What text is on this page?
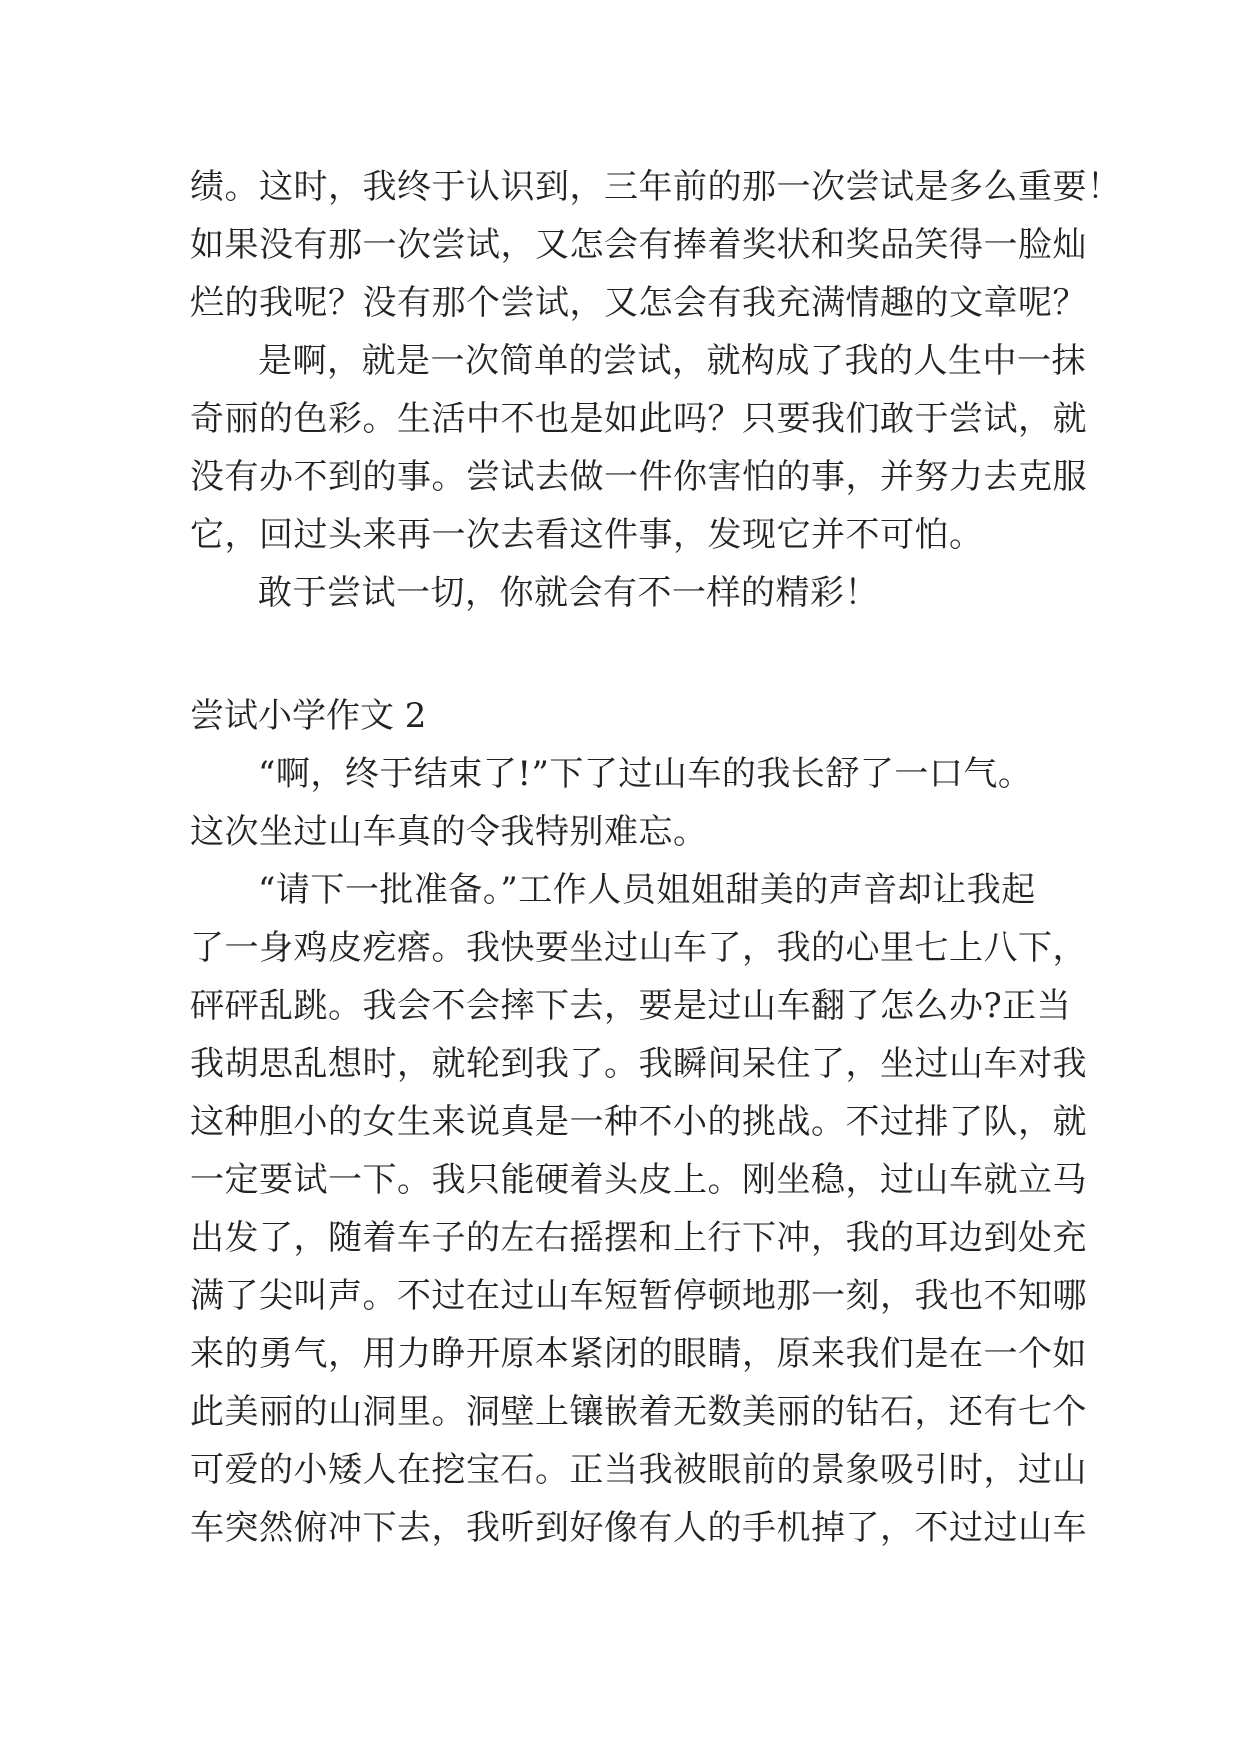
绩。这时，我终于认识到，三年前的那一次尝试是多么重要！
如果没有那一次尝试，又怎会有捧着奖状和奖品笑得一脸灿
烂的我呢？没有那个尝试，又怎会有我充满情趣的文章呢？
是啊，就是一次简单的尝试，就构成了我的人生中一抹
奇丽的色彩。生活中不也是如此吗？只要我们敢于尝试，就
没有办不到的事。尝试去做一件你害怕的事，并努力去克服
它，回过头来再一次去看这件事，发现它并不可怕。
敢于尝试一切，你就会有不一样的精彩！
尝试小学作文 2
“啊，终于结束了!”下了过山车的我长舒了一口气。
这次坐过山车真的令我特别难忘。
“请下一批准备。”工作人员姐姐甜美的声音却让我起
了一身鸡皮疙瘩。我快要坐过山车了，我的心里七上八下，
砰砰乱跳。我会不会摔下去，要是过山车翻了怎么办?正当
我胡思乱想时，就轮到我了。我瞬间呆住了，坐过山车对我
这种胆小的女生来说真是一种不小的挑战。不过排了队，就
一定要试一下。我只能硬着头皮上。刚坐稳，过山车就立马
出发了，随着车子的左右摇摆和上行下冲，我的耳边到处充
满了尖叫声。不过在过山车短暂停顿地那一刻，我也不知哪
来的勇气，用力睁开原本紧闭的眼睛，原来我们是在一个如
此美丽的山洞里。洞壁上镶嵌着无数美丽的钻石，还有七个
可爱的小矮人在挖宝石。正当我被眼前的景象吸引时，过山
车突然俯冲下去，我听到好像有人的手机掉了，不过过山车
